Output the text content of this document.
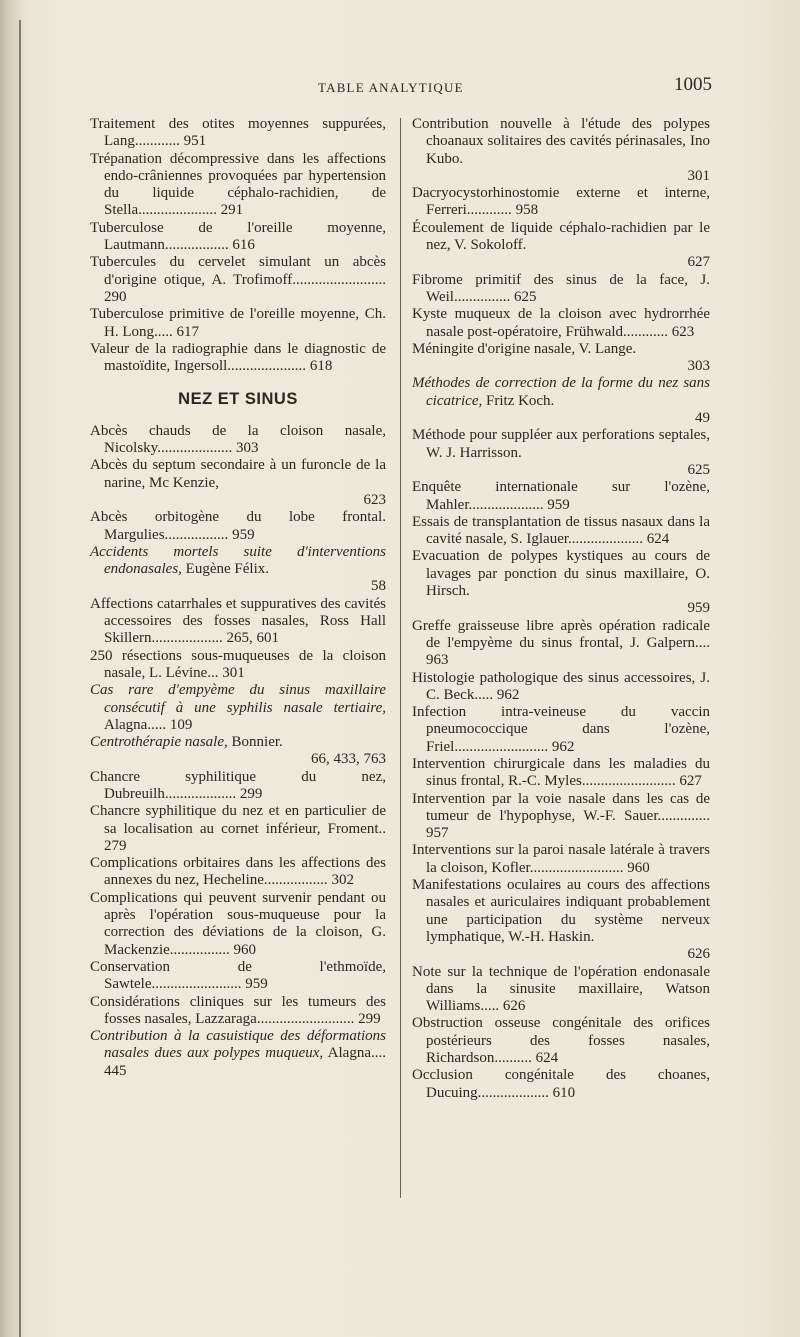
TABLE ANALYTIQUE	1005

Traitement des otites moyennes suppurées, Lang............ 951

Trépanation décompressive dans les affections endo-crâniennes provoquées par hypertension du liquide céphalo-rachidien, de Stella..................... 291

Tuberculose de l'oreille moyenne, Lautmann................. 616

Tubercules du cervelet simulant un abcès d'origine otique, A. Trofimoff......................... 290

Tuberculose primitive de l'oreille moyenne, Ch. H. Long..... 617

Valeur de la radiographie dans le diagnostic de mastoïdite, Ingersoll..................... 618

NEZ ET SINUS

Abcès chauds de la cloison nasale, Nicolsky.................... 303

Abcès du septum secondaire à un furoncle de la narine, Mc Kenzie,
623

Abcès orbitogène du lobe frontal. Margulies................. 959

Accidents mortels suite d'interventions endonasales, Eugène Félix.
58

Affections catarrhales et suppuratives des cavités accessoires des fosses nasales, Ross Hall Skillern................... 265, 601

250 résections sous-muqueuses de la cloison nasale, L. Lévine... 301

Cas rare d'empyème du sinus maxillaire consécutif à une syphilis nasale tertiaire, Alagna..... 109

Centrothérapie nasale, Bonnier.
66, 433, 763

Chancre syphilitique du nez, Dubreuilh................... 299

Chancre syphilitique du nez et en particulier de sa localisation au cornet inférieur, Froment.. 279

Complications orbitaires dans les affections des annexes du nez, Hecheline................. 302

Complications qui peuvent survenir pendant ou après l'opération sous-muqueuse pour la correction des déviations de la cloison, G. Mackenzie................ 960

Conservation de l'ethmoïde, Sawtele........................ 959

Considérations cliniques sur les tumeurs des fosses nasales, Lazzaraga.......................... 299

Contribution à la casuistique des déformations nasales dues aux polypes muqueux, Alagna.... 445

Contribution nouvelle à l'étude des polypes choanaux solitaires des cavités périnasales, Ino Kubo.
301

Dacryocystorhinostomie externe et interne, Ferreri............ 958

Écoulement de liquide céphalo-rachidien par le nez, V. Sokoloff.
627

Fibrome primitif des sinus de la face, J. Weil............... 625

Kyste muqueux de la cloison avec hydrorrhée nasale post-opératoire, Frühwald............ 623

Méningite d'origine nasale, V. Lange.
303

Méthodes de correction de la forme du nez sans cicatrice, Fritz Koch.
49

Méthode pour suppléer aux perforations septales, W. J. Harrisson.
625

Enquête internationale sur l'ozène, Mahler.................... 959

Essais de transplantation de tissus nasaux dans la cavité nasale, S. Iglauer.................... 624

Evacuation de polypes kystiques au cours de lavages par ponction du sinus maxillaire, O. Hirsch.
959

Greffe graisseuse libre après opération radicale de l'empyème du sinus frontal, J. Galpern.... 963

Histologie pathologique des sinus accessoires, J. C. Beck..... 962

Infection intra-veineuse du vaccin pneumococcique dans l'ozène, Friel......................... 962

Intervention chirurgicale dans les maladies du sinus frontal, R.-C. Myles......................... 627

Intervention par la voie nasale dans les cas de tumeur de l'hypophyse, W.-F. Sauer.............. 957

Interventions sur la paroi nasale latérale à travers la cloison, Kofler......................... 960

Manifestations oculaires au cours des affections nasales et auriculaires indiquant probablement une participation du système nerveux lymphatique, W.-H. Haskin.
626

Note sur la technique de l'opération endonasale dans la sinusite maxillaire, Watson Williams..... 626

Obstruction osseuse congénitale des orifices postérieurs des fosses nasales, Richardson.......... 624

Occlusion congénitale des choanes, Ducuing................... 610
